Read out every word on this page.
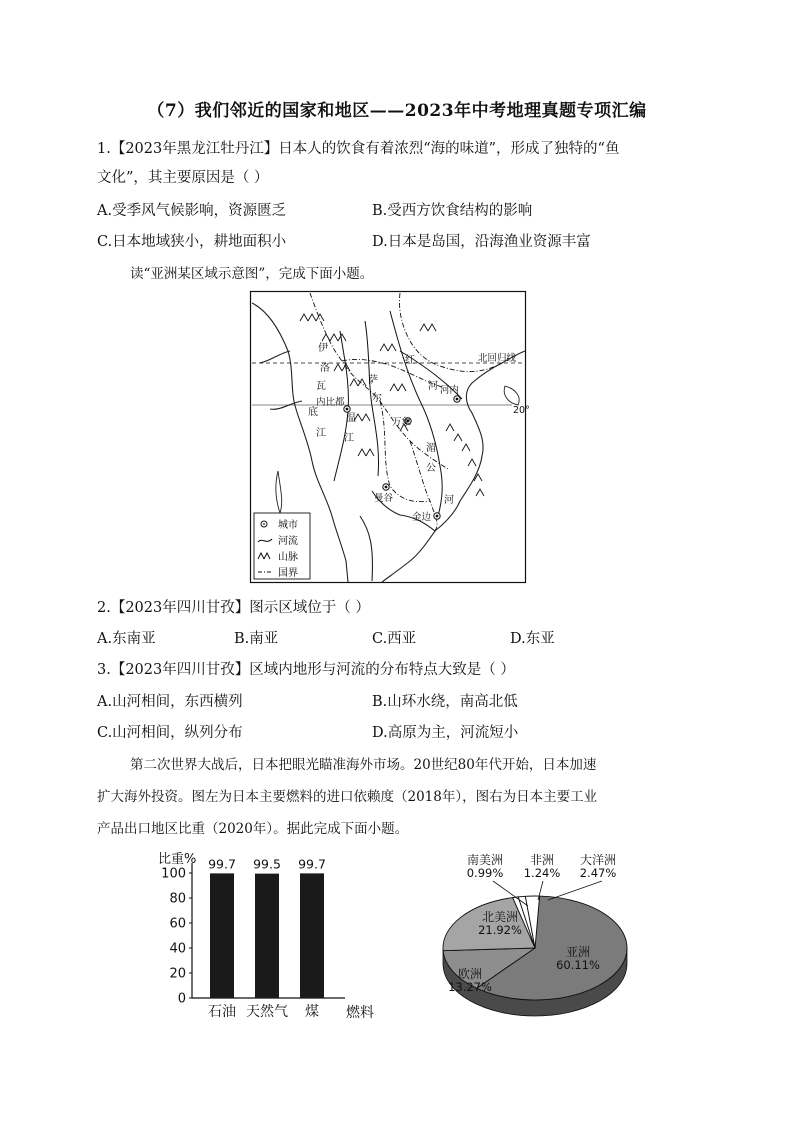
（7）我们邻近的国家和地区——2023年中考地理真题专项汇编
1.【2023年黑龙江牡丹江】日本人的饮食有着浓烈“海的味道”，形成了独特的“鱼
文化”，其主要原因是（ ）
A.受季风气候影响，资源匮乏	B.受西方饮食结构的影响
C.日本地域狭小，耕地面积小	D.日本是岛国，沿海渔业资源丰富
读“亚洲某区域示意图”，完成下面小题。
北回归线
20°
河内
内比都
万象
曼谷
金边
红
河
伊
洛
瓦
底
江
萨
尔
温
江
湄
公
河
城市
河流
山脉
国界
2.【2023年四川甘孜】图示区域位于（ ）
A.东南亚	B.南亚	C.西亚	D.东亚
3.【2023年四川甘孜】区域内地形与河流的分布特点大致是（ ）
A.山河相间，东西横列	B.山环水绕，南高北低
C.山河相间，纵列分布	D.高原为主，河流短小
第二次世界大战后，日本把眼光瞄准海外市场。20世纪80年代开始，日本加速
扩大海外投资。图左为日本主要燃料的进口依赖度（2018年），图右为日本主要工业
产品出口地区比重（2020年）。据此完成下面小题。
比重%
0
20
40
60
80
100
99.7
石油
99.5
天然气
99.7
煤 燃料
亚洲
60.11%
欧洲
13.27%
北美洲
21.92%
南美洲
0.99%
非洲
1.24%
大洋洲
2.47%
